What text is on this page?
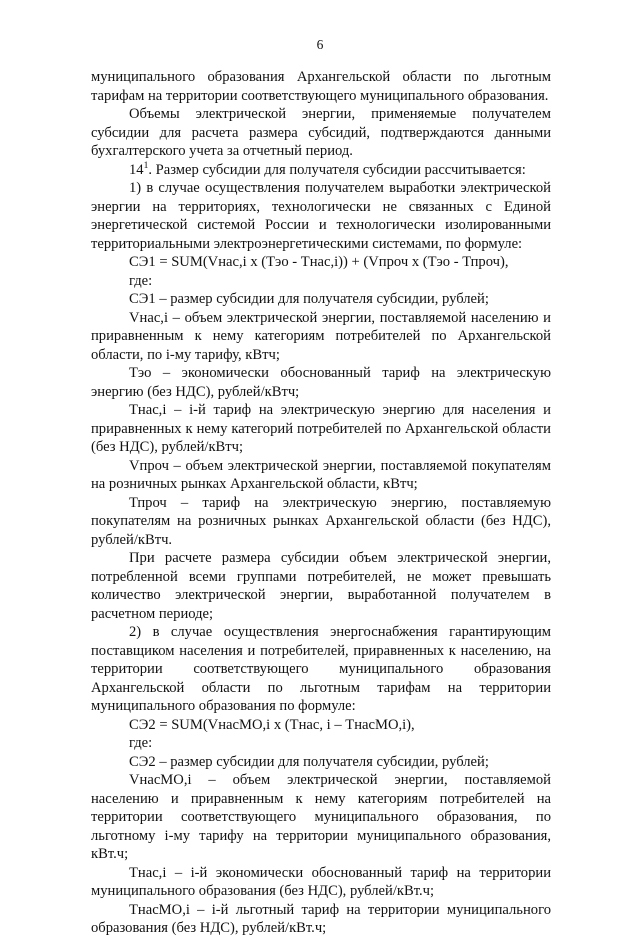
6

муниципального образования Архангельской области по льготным тарифам на территории соответствующего муниципального образования.

Объемы электрической энергии, применяемые получателем субсидии для расчета размера субсидий, подтверждаются данными бухгалтерского учета за отчетный период.

$14^1$. Размер субсидии для получателя субсидии рассчитывается:

1) в случае осуществления получателем выработки электрической энергии на территориях, технологически не связанных с Единой энергетической системой России и технологически изолированными территориальными электроэнергетическими системами, по формуле:

СЭ1 = SUM(Vнас,i x (Тэо - Тнас,i)) + (Vпроч x (Тэо - Тпроч),

где:

СЭ1 – размер субсидии для получателя субсидии, рублей;

Vнас,i – объем электрической энергии, поставляемой населению и приравненным к нему категориям потребителей по Архангельской области, по i-му тарифу, кВтч;

Тэо – экономически обоснованный тариф на электрическую энергию (без НДС), рублей/кВтч;

Тнас,i – i-й тариф на электрическую энергию для населения и приравненных к нему категорий потребителей по Архангельской области (без НДС), рублей/кВтч;

Vпроч – объем электрической энергии, поставляемой покупателям на розничных рынках Архангельской области, кВтч;

Тпроч – тариф на электрическую энергию, поставляемую покупателям на розничных рынках Архангельской области (без НДС), рублей/кВтч.

При расчете размера субсидии объем электрической энергии, потребленной всеми группами потребителей, не может превышать количество электрической энергии, выработанной получателем в расчетном периоде;

2) в случае осуществления энергоснабжения гарантирующим поставщиком населения и потребителей, приравненных к населению, на территории соответствующего муниципального образования Архангельской области по льготным тарифам на территории муниципального образования по формуле:

СЭ2 = SUM(VнасМО,i x (Тнас, i – ТнасМО,i),

где:

СЭ2 – размер субсидии для получателя субсидии, рублей;

VнасМО,i – объем электрической энергии, поставляемой населению и приравненным к нему категориям потребителей на территории соответствующего муниципального образования, по льготному i-му тарифу на территории муниципального образования, кВт.ч;

Тнас,i – i-й экономически обоснованный тариф на территории муниципального образования (без НДС), рублей/кВт.ч;

ТнасМО,i – i-й льготный тариф на территории муниципального образования (без НДС), рублей/кВт.ч;
